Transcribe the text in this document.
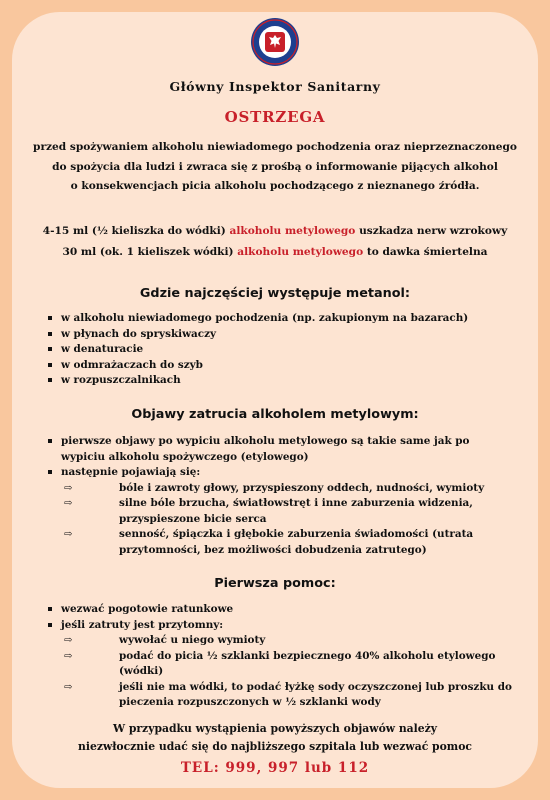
Główny Inspektor Sanitarny
OSTRZEGA
przed spożywaniem alkoholu niewiadomego pochodzenia oraz nieprzeznaczonego
do spożycia dla ludzi i zwraca się z prośbą o informowanie pijących alkohol
o konsekwencjach picia alkoholu pochodzącego z nieznanego źródła.
4-15 ml (½ kieliszka do wódki) alkoholu metylowego uszkadza nerw wzrokowy
30 ml (ok. 1 kieliszek wódki) alkoholu metylowego to dawka śmiertelna
Gdzie najczęściej występuje metanol:
w alkoholu niewiadomego pochodzenia (np. zakupionym na bazarach)
w płynach do spryskiwaczy
w denaturacie
w odmrażaczach do szyb
w rozpuszczalnikach
Objawy zatrucia alkoholem metylowym:
pierwsze objawy po wypiciu alkoholu metylowego są takie same jak po wypiciu alkoholu spożywczego (etylowego)
następnie pojawiają się:
⇨	bóle i zawroty głowy, przyspieszony oddech, nudności, wymioty
⇨	silne bóle brzucha, światłowstręt i inne zaburzenia widzenia, przyspieszone bicie serca
⇨	senność, śpiączka i głębokie zaburzenia świadomości (utrata przytomności, bez możliwości dobudzenia zatrutego)
Pierwsza pomoc:
wezwać pogotowie ratunkowe
jeśli zatruty jest przytomny:
⇨	wywołać u niego wymioty
⇨	podać do picia ½ szklanki bezpiecznego 40% alkoholu etylowego (wódki)
⇨	jeśli nie ma wódki, to podać łyżkę sody oczyszczonej lub proszku do pieczenia rozpuszczonych w ½ szklanki wody
W przypadku wystąpienia powyższych objawów należy
niezwłocznie udać się do najbliższego szpitala lub wezwać pomoc
TEL: 999, 997 lub 112
